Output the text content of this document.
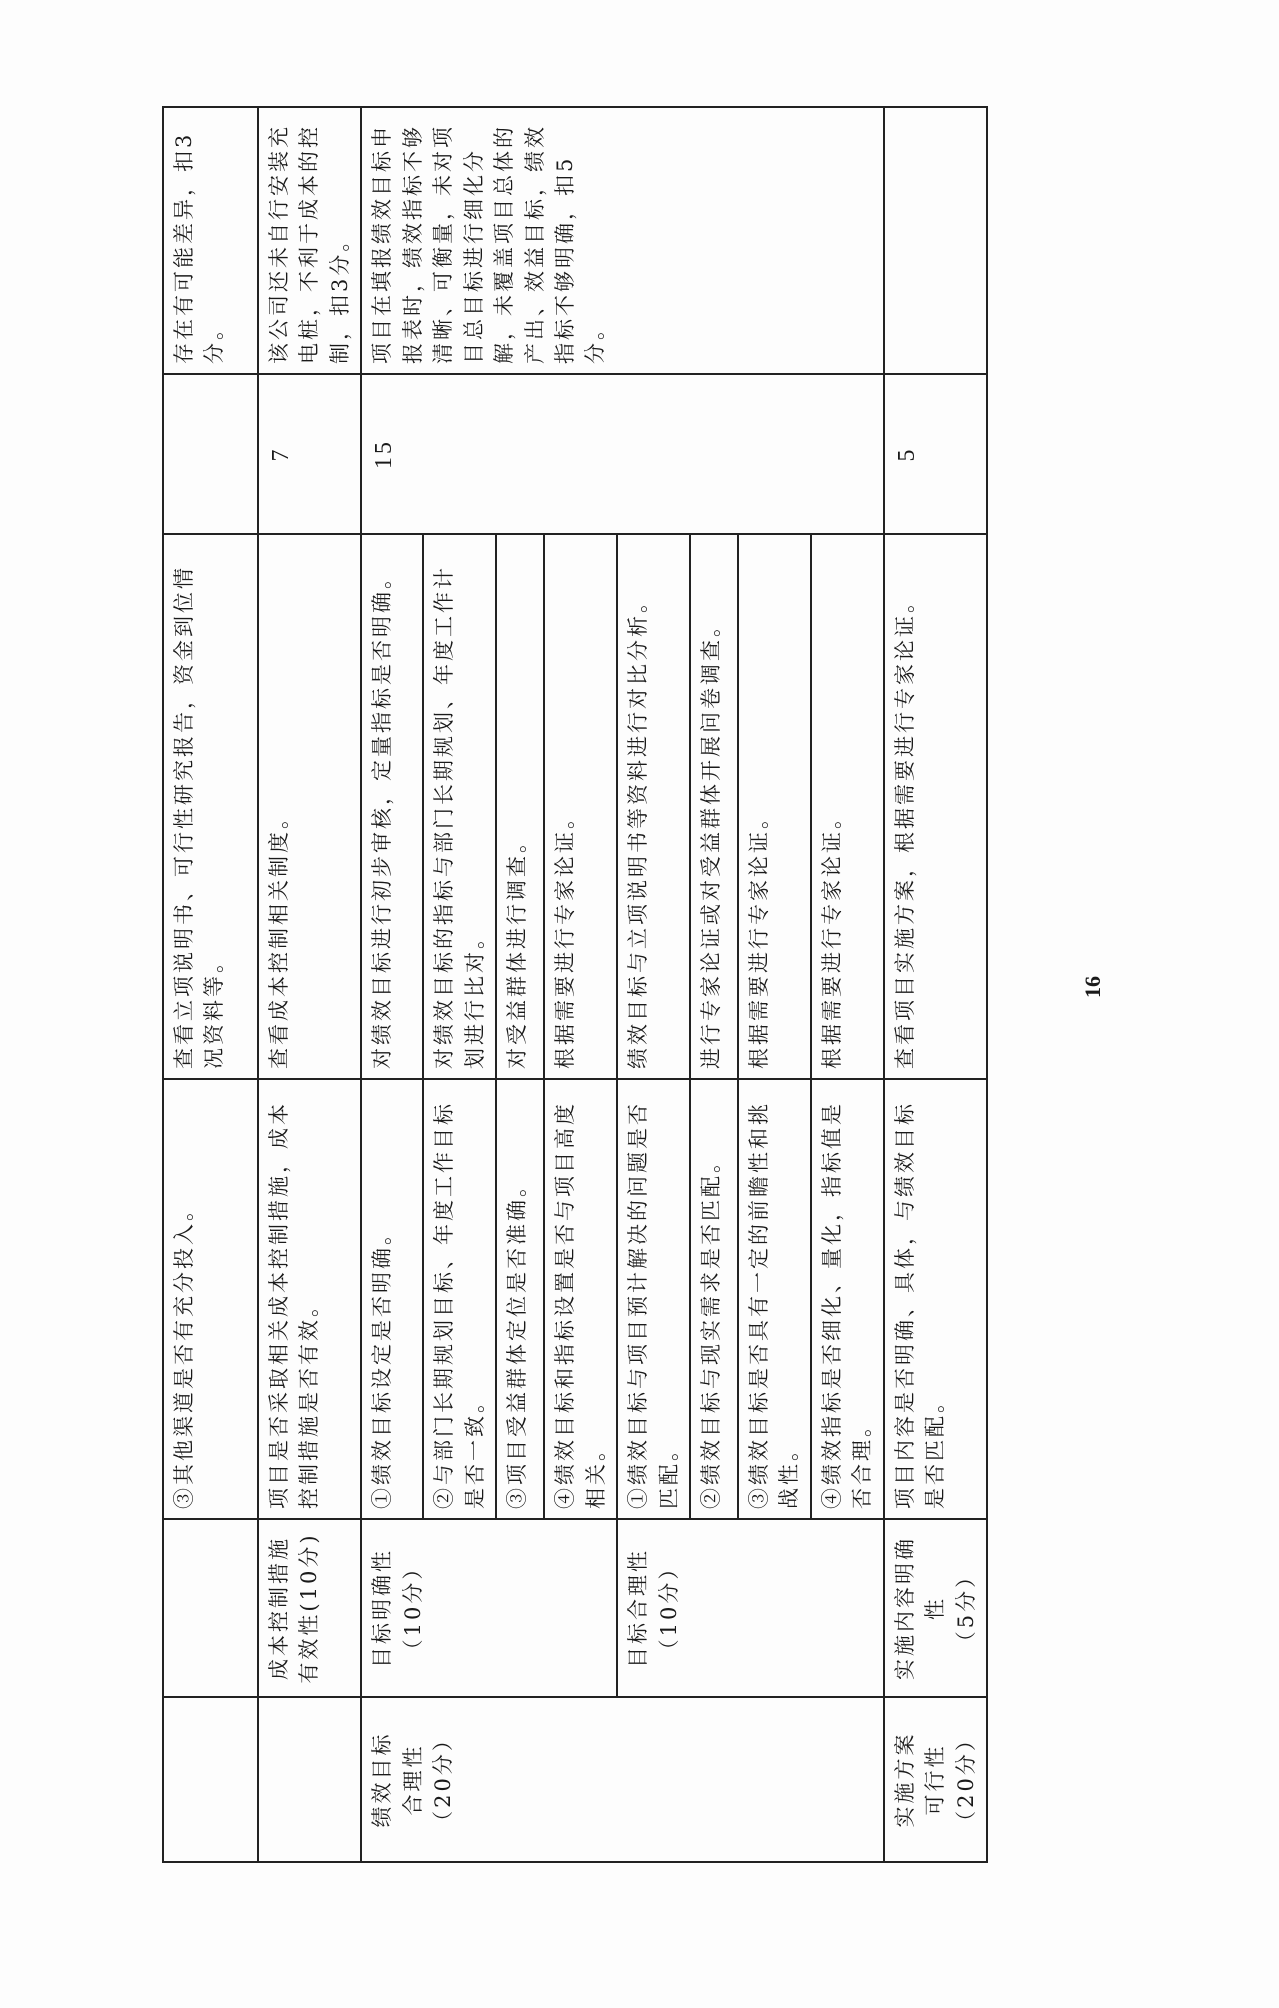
		③其他渠道是否有充分投入。	查看立项说明书、可行性研究报告，资金到位情况资料等。		存在有可能差异，扣3分。
	成本控制措施有效性(10分)	项目是否采取相关成本控制措施，成本控制措施是否有效。	查看成本控制相关制度。	7	该公司还未自行安装充电桩，不利于成本的控制，扣3分。

绩效目标 合理性 （20分）	目标明确性 （10分）	①绩效目标设定是否明确。	对绩效目标进行初步审核，定量指标是否明确。	15	项目在填报绩效目标申报表时，绩效指标不够清晰、可衡量，未对项目总目标进行细化分解，未覆盖项目总体的产出、效益目标，绩效指标不够明确，扣5分。
		②与部门长期规划目标、年度工作目标是否一致。	对绩效目标的指标与部门长期规划、年度工作计划进行比对。		
		③项目受益群体定位是否准确。	对受益群体进行调查。		
		④绩效目标和指标设置是否与项目高度相关。	根据需要进行专家论证。		

	目标合理性 （10分）	①绩效目标与项目预计解决的问题是否匹配。	绩效目标与立项说明书等资料进行对比分析。		
		②绩效目标与现实需求是否匹配。	进行专家论证或对受益群体开展问卷调查。		
		③绩效目标是否具有一定的前瞻性和挑战性。	根据需要进行专家论证。		
		④绩效指标是否细化、量化，指标值是否合理。	根据需要进行专家论证。		

实施方案 可行性 （20分）	实施内容明确性 （5分）	项目内容是否明确、具体，与绩效目标是否匹配。	查看项目实施方案，根据需要进行专家论证。	5	
16
